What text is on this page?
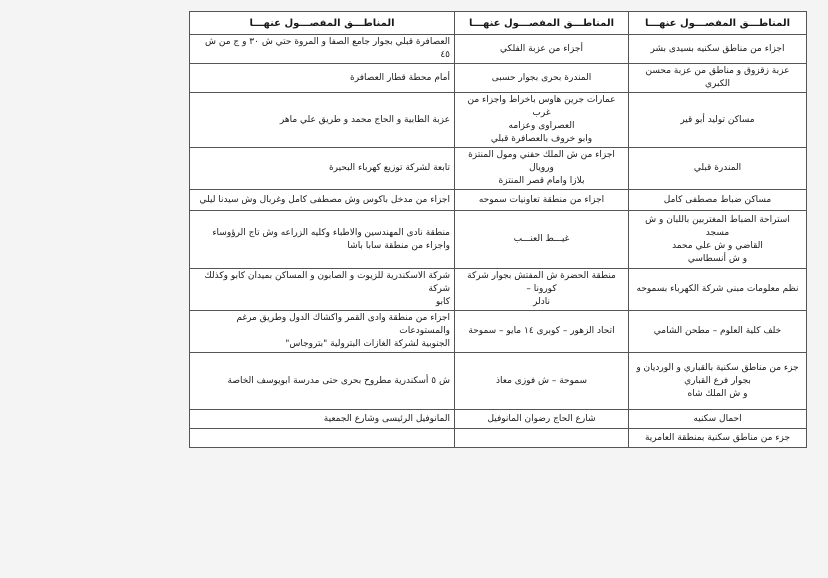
المناطـــق المفصـــول عنهـــا	المناطـــق المفصـــول عنهـــا	المناطـــق المفصـــول عنهـــا

اجزاء من مناطق سكنيه بسيدى بشر	أجزاء من عزبة الفلكي	العصافرة قبلي بجوار جامع الصفا و المروة حتي ش ٣٠ و ج من ش ٤٥

عزبة زقزوق و مناطق من عزبة محسن الكبري	المندرة بحرى بجوار حسبى	أمام محطة قطار العصافرة

مساكن توليد أبو قير	عمارات جرين هاوس باخراط واجزاء من غرب
العصراوى وعزامه
وابو خروف بالعصافرة قبلي	عزبة الطابية و الحاج محمد و طريق علي ماهر

المندرة قبلي	اجزاء من ش الملك حفني ومول المنتزة ورويال
بلازا وامام قصر المنتزة	تابعة لشركة توزيع كهرباء البحيرة

مساكن ضباط مصطفى كامل	اجزاء من منطقة تعاونيات سموحه	اجزاء من مدخل باكوس وش مصطفى كامل وغربال وش سيدنا ليلي

استراحة الضباط المغتربين باللبان و ش مسجد
القاضي و ش علي محمد
و ش أنسطاسي	غيـــط العنـــب	منطقة نادى المهندسين والاطباء وكليه الزراعه وش تاج الرؤوساء
واجزاء من منطقة سابا باشا

نظم معلومات مبنى شركة الكهرباء بسموحه	منطقة الحضرة ش المفتش بجوار شركة كورونا –
نادلر	شركة الاسكندرية للزيوت و الصابون و المساكن بميدان كابو وكذلك شركة
كابو

خلف كلية العلوم – مطحن الشامي	اتحاد الزهور – كوبرى ١٤ مايو – سموحة	اجزاء من منطقة وادى القمر واكشاك الدول وطريق مرغم والمستودعات
الجنوبية لشركة الغازات البترولية "بتروجاس"

جزء من مناطق سكنية بالقباري و الورديان و
بجوار فرع القباري
و ش الملك شاه	سموحة – ش فوزى معاذ	ش ٥ أسكندرية مطروح بحرى حتى مدرسة ابويوسف الخاصة

احمال سكنيه	شارع الحاج رضوان المانوفيل	المانوفيل الرئيسى وشارع الجمعية

جزء من مناطق سكنية بمنطقة العامرية		
